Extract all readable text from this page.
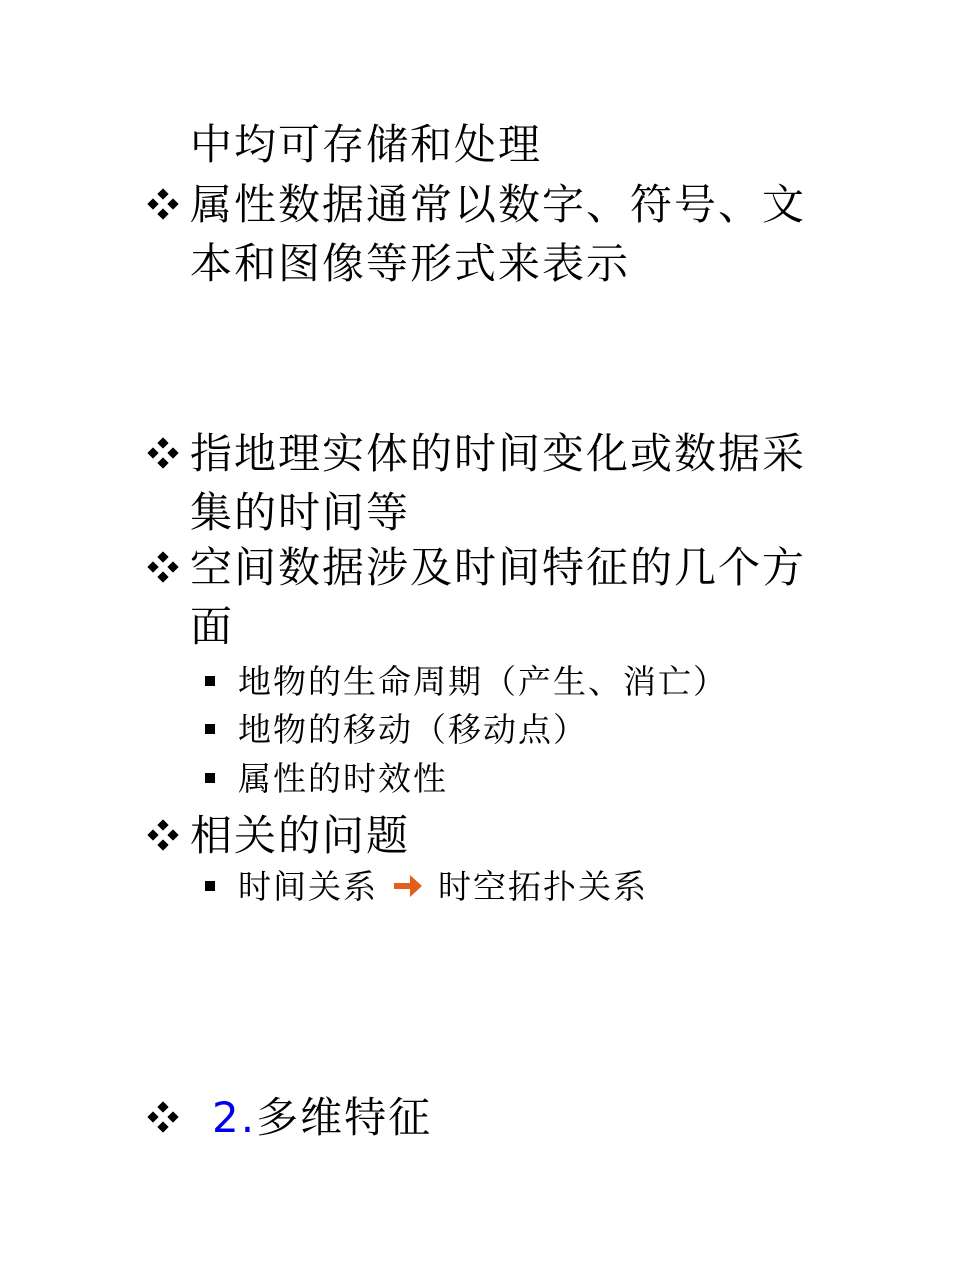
中均可存储和处理
属性数据通常以数字、符号、文
本和图像等形式来表示
指地理实体的时间变化或数据采
集的时间等
空间数据涉及时间特征的几个方
面
地物的生命周期（产生、消亡）
地物的移动（移动点）
属性的时效性
相关的问题
时间关系 时空拓扑关系
2.多维特征
